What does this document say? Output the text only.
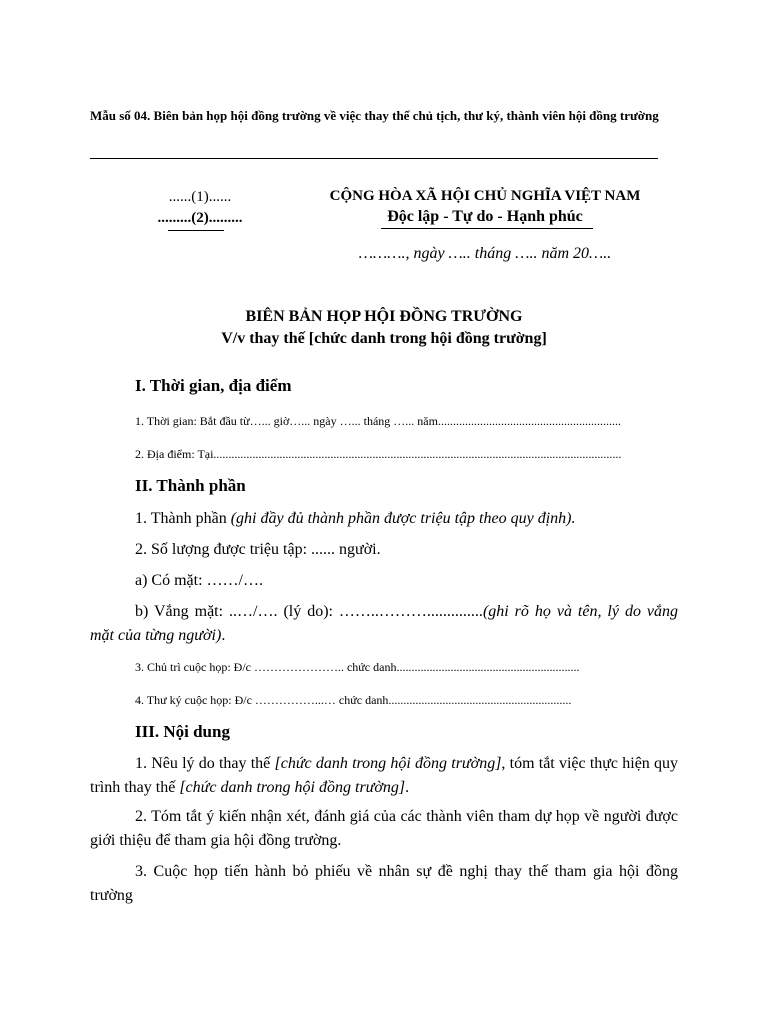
Mẫu số 04. Biên bản họp hội đồng trường về việc thay thế chủ tịch, thư ký, thành viên hội đồng trường
......(1)......
.........(2).........
CỘNG HÒA XÃ HỘI CHỦ NGHĨA VIỆT NAM
Độc lập - Tự do - Hạnh phúc
………., ngày ….. tháng ….. năm 20…..
BIÊN BẢN HỌP HỘI ĐỒNG TRƯỜNG
V/v thay thế [chức danh trong hội đồng trường]
I. Thời gian, địa điểm
1. Thời gian: Bắt đầu từ…... giờ…... ngày …... tháng …... năm.............................................................
2. Địa điểm: Tại........................................................................................................................................
II. Thành phần
1. Thành phần (ghi đầy đủ thành phần được triệu tập theo quy định).
2. Số lượng được triệu tập: ...... người.
a) Có mặt: ……/….
b) Vắng mặt: ..…/…. (lý do): ……..………..............(ghi rõ họ và tên, lý do vắng mặt của từng người).
3. Chủ trì cuộc họp: Đ/c ………………….. chức danh.............................................................
4. Thư ký cuộc họp: Đ/c ……………...… chức danh.............................................................
III. Nội dung
1. Nêu lý do thay thế [chức danh trong hội đồng trường], tóm tắt việc thực hiện quy trình thay thế [chức danh trong hội đồng trường].
2. Tóm tắt ý kiến nhận xét, đánh giá của các thành viên tham dự họp về người được giới thiệu để tham gia hội đồng trường.
3. Cuộc họp tiến hành bỏ phiếu về nhân sự đề nghị thay thế tham gia hội đồng trường
